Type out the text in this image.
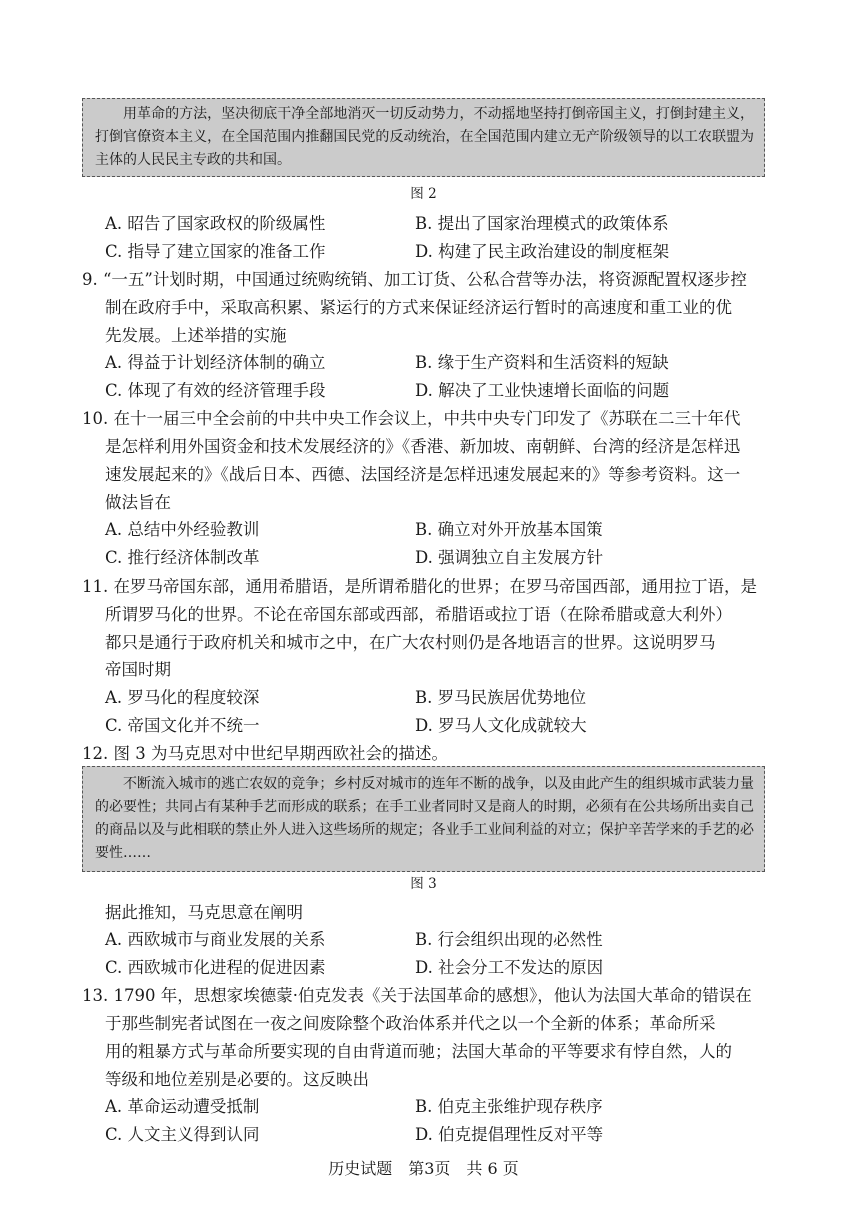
用革命的方法，坚决彻底干净全部地消灭一切反动势力，不动摇地坚持打倒帝国主义，打倒封建主义，打倒官僚资本主义，在全国范围内推翻国民党的反动统治，在全国范围内建立无产阶级领导的以工农联盟为主体的人民民主专政的共和国。

图 2
A. 昭告了国家政权的阶级属性	B. 提出了国家治理模式的政策体系
C. 指导了建立国家的准备工作	D. 构建了民主政治建设的制度框架
9. “一五”计划时期，中国通过统购统销、加工订货、公私合营等办法，将资源配置权逐步控
制在政府手中，采取高积累、紧运行的方式来保证经济运行暂时的高速度和重工业的优
先发展。上述举措的实施
A. 得益于计划经济体制的确立	B. 缘于生产资料和生活资料的短缺
C. 体现了有效的经济管理手段	D. 解决了工业快速增长面临的问题
10. 在十一届三中全会前的中共中央工作会议上，中共中央专门印发了《苏联在二三十年代
是怎样利用外国资金和技术发展经济的》《香港、新加坡、南朝鲜、台湾的经济是怎样迅
速发展起来的》《战后日本、西德、法国经济是怎样迅速发展起来的》等参考资料。这一
做法旨在
A. 总结中外经验教训	B. 确立对外开放基本国策
C. 推行经济体制改革	D. 强调独立自主发展方针
11. 在罗马帝国东部，通用希腊语，是所谓希腊化的世界；在罗马帝国西部，通用拉丁语，是
所谓罗马化的世界。不论在帝国东部或西部，希腊语或拉丁语（在除希腊或意大利外）
都只是通行于政府机关和城市之中，在广大农村则仍是各地语言的世界。这说明罗马
帝国时期
A. 罗马化的程度较深	B. 罗马民族居优势地位
C. 帝国文化并不统一	D. 罗马人文化成就较大
12. 图 3 为马克思对中世纪早期西欧社会的描述。

不断流入城市的逃亡农奴的竞争；乡村反对城市的连年不断的战争，以及由此产生的组织城市武装力量的必要性；共同占有某种手艺而形成的联系；在手工业者同时又是商人的时期，必须有在公共场所出卖自己的商品以及与此相联的禁止外人进入这些场所的规定；各业手工业间利益的对立；保护辛苦学来的手艺的必要性……

图 3
据此推知，马克思意在阐明
A. 西欧城市与商业发展的关系	B. 行会组织出现的必然性
C. 西欧城市化进程的促进因素	D. 社会分工不发达的原因
13. 1790 年，思想家埃德蒙·伯克发表《关于法国革命的感想》，他认为法国大革命的错误在
于那些制宪者试图在一夜之间废除整个政治体系并代之以一个全新的体系；革命所采
用的粗暴方式与革命所要实现的自由背道而驰；法国大革命的平等要求有悖自然，人的
等级和地位差别是必要的。这反映出
A. 革命运动遭受抵制	B. 伯克主张维护现存秩序
C. 人文主义得到认同	D. 伯克提倡理性反对平等
历史试题　第3页　共 6 页
